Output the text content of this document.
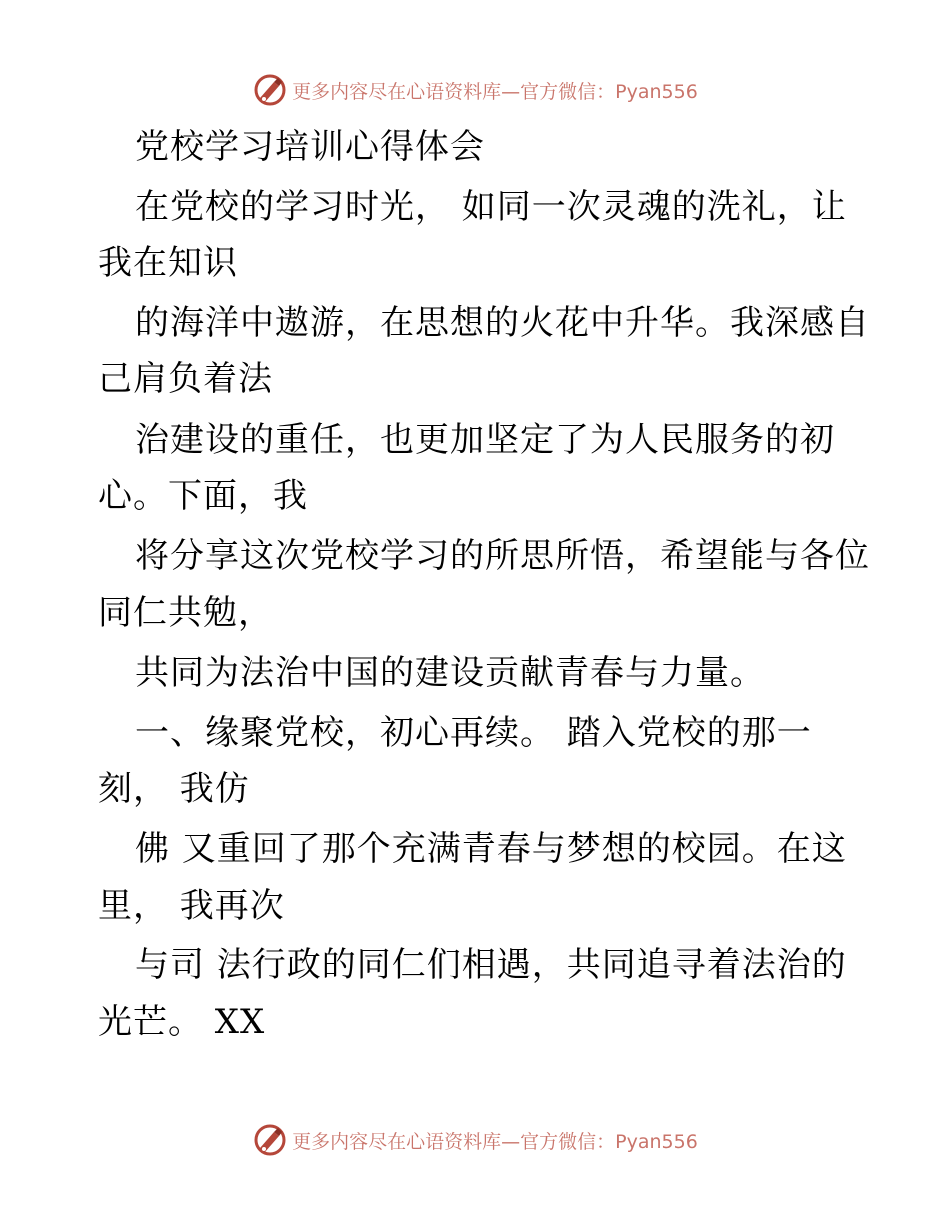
更多内容尽在心语资料库—官方微信：Pyan556
党校学习培训心得体会
在党校的学习时光， 如同一次灵魂的洗礼，让
我在知识
的海洋中遨游，在思想的火花中升华。我深感自
己肩负着法
治建设的重任，也更加坚定了为人民服务的初
心。下面，我
将分享这次党校学习的所思所悟，希望能与各位
同仁共勉，
共同为法治中国的建设贡献青春与力量。
一、缘聚党校，初心再续。 踏入党校的那一
刻， 我仿
佛 又重回了那个充满青春与梦想的校园。在这
里， 我再次
与司 法行政的同仁们相遇，共同追寻着法治的
光芒。 XX
更多内容尽在心语资料库—官方微信：Pyan556
